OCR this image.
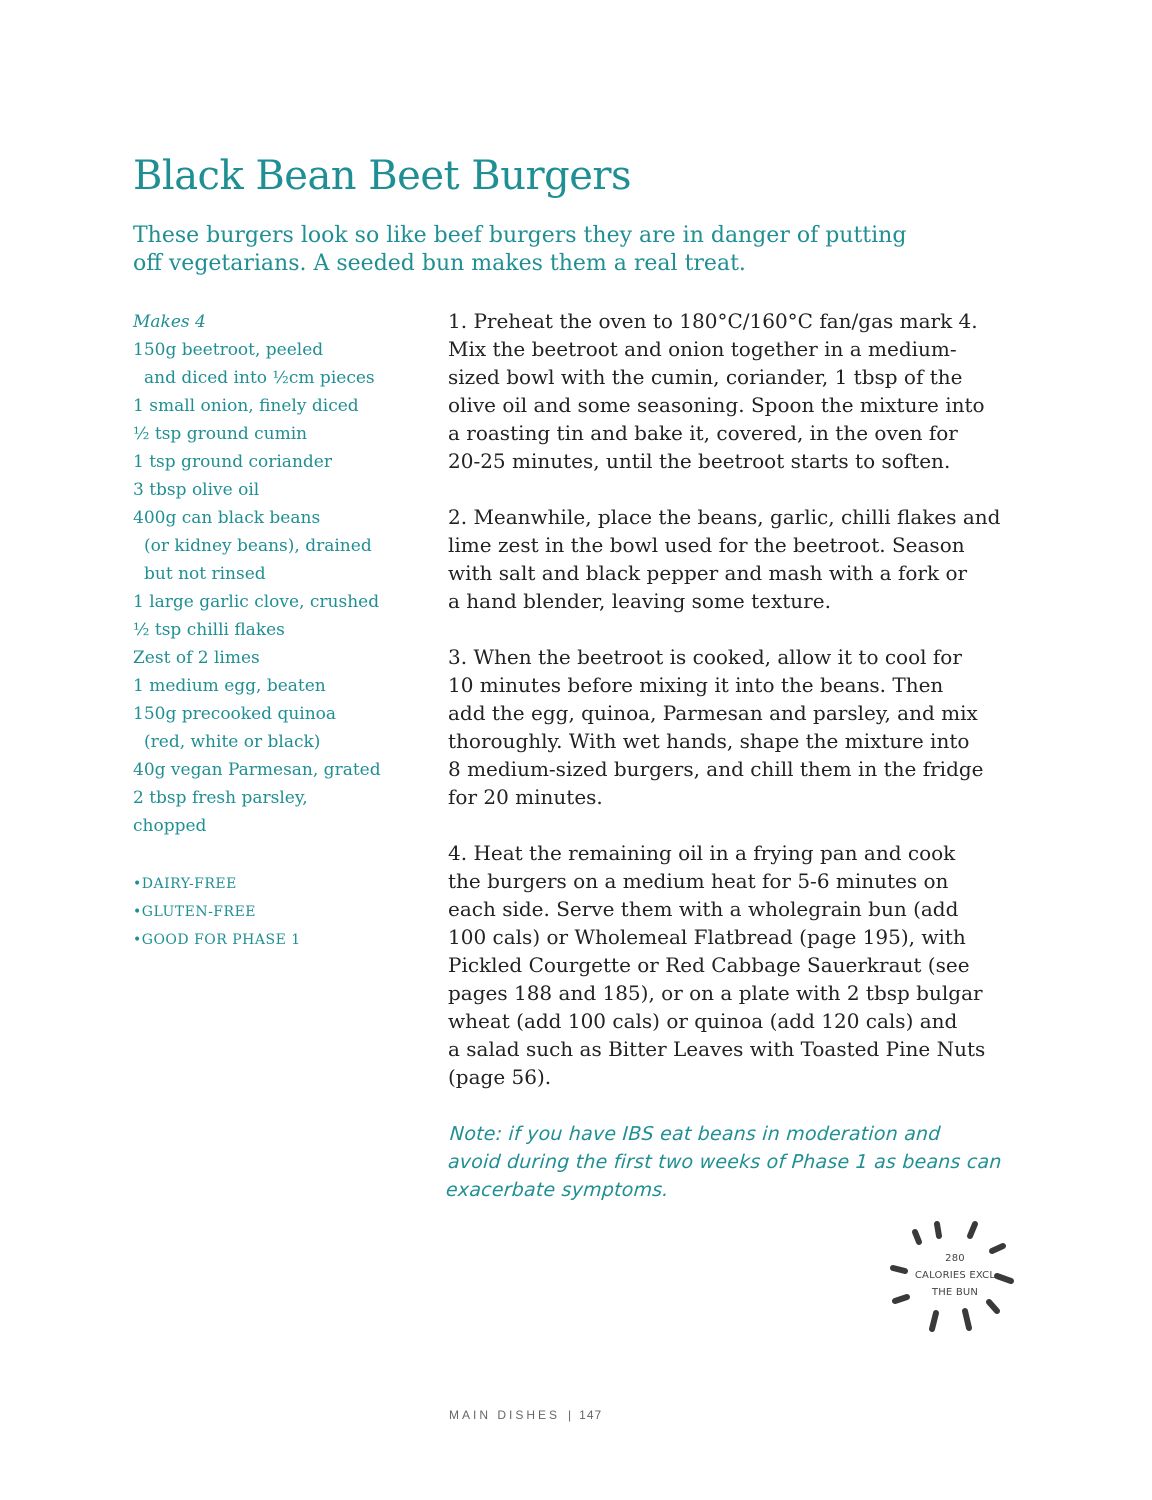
Black Bean Beet Burgers

These burgers look so like beef burgers they are in danger of putting
off vegetarians. A seeded bun makes them a real treat.

Makes 4
150g beetroot, peeled
and diced into ½cm pieces
1 small onion, finely diced
½ tsp ground cumin
1 tsp ground coriander
3 tbsp olive oil
400g can black beans
(or kidney beans), drained
but not rinsed
1 large garlic clove, crushed
½ tsp chilli flakes
Zest of 2 limes
1 medium egg, beaten
150g precooked quinoa
(red, white or black)
40g vegan Parmesan, grated
2 tbsp fresh parsley,
chopped
•DAIRY-FREE
•GLUTEN-FREE
•GOOD FOR PHASE 1
1. Preheat the oven to 180°C/160°C fan/gas mark 4.
Mix the beetroot and onion together in a medium-
sized bowl with the cumin, coriander, 1 tbsp of the
olive oil and some seasoning. Spoon the mixture into
a roasting tin and bake it, covered, in the oven for
20-25 minutes, until the beetroot starts to soften.
2. Meanwhile, place the beans, garlic, chilli flakes and
lime zest in the bowl used for the beetroot. Season
with salt and black pepper and mash with a fork or
a hand blender, leaving some texture.
3. When the beetroot is cooked, allow it to cool for
10 minutes before mixing it into the beans. Then
add the egg, quinoa, Parmesan and parsley, and mix
thoroughly. With wet hands, shape the mixture into
8 medium-sized burgers, and chill them in the fridge
for 20 minutes.
4. Heat the remaining oil in a frying pan and cook
the burgers on a medium heat for 5-6 minutes on
each side. Serve them with a wholegrain bun (add
100 cals) or Wholemeal Flatbread (page 195), with
Pickled Courgette or Red Cabbage Sauerkraut (see
pages 188 and 185), or on a plate with 2 tbsp bulgar
wheat (add 100 cals) or quinoa (add 120 cals) and
a salad such as Bitter Leaves with Toasted Pine Nuts
(page 56).
Note: if you have IBS eat beans in moderation and
avoid during the first two weeks of Phase 1 as beans can
exacerbate symptoms.
280
CALORIES EXCL
THE BUN
MAIN DISHES | 147
